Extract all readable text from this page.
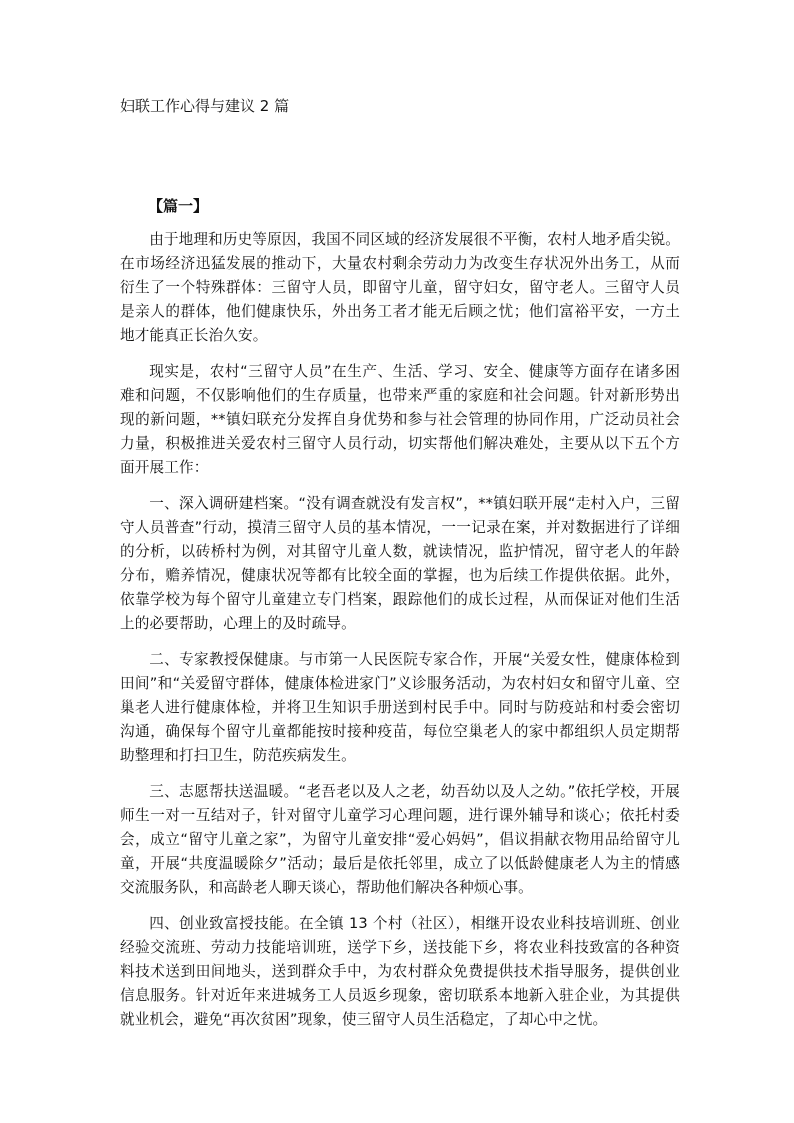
妇联工作心得与建议 2 篇
【篇一】

由于地理和历史等原因，我国不同区域的经济发展很不平衡，农村人地矛盾尖锐。在市场经济迅猛发展的推动下，大量农村剩余劳动力为改变生存状况外出务工，从而衍生了一个特殊群体：三留守人员，即留守儿童，留守妇女，留守老人。三留守人员是亲人的群体，他们健康快乐，外出务工者才能无后顾之忧；他们富裕平安，一方土地才能真正长治久安。

现实是，农村“三留守人员”在生产、生活、学习、安全、健康等方面存在诸多困难和问题，不仅影响他们的生存质量，也带来严重的家庭和社会问题。针对新形势出现的新问题，**镇妇联充分发挥自身优势和参与社会管理的协同作用，广泛动员社会力量，积极推进关爱农村三留守人员行动，切实帮他们解决难处，主要从以下五个方面开展工作：

一、深入调研建档案。“没有调查就没有发言权”，**镇妇联开展“走村入户，三留守人员普查”行动，摸清三留守人员的基本情况，一一记录在案，并对数据进行了详细的分析，以砖桥村为例，对其留守儿童人数，就读情况，监护情况，留守老人的年龄分布，赡养情况，健康状况等都有比较全面的掌握，也为后续工作提供依据。此外，依靠学校为每个留守儿童建立专门档案，跟踪他们的成长过程，从而保证对他们生活上的必要帮助，心理上的及时疏导。

二、专家教授保健康。与市第一人民医院专家合作，开展“关爱女性，健康体检到田间”和“关爱留守群体，健康体检进家门”义诊服务活动，为农村妇女和留守儿童、空巢老人进行健康体检，并将卫生知识手册送到村民手中。同时与防疫站和村委会密切沟通，确保每个留守儿童都能按时接种疫苗，每位空巢老人的家中都组织人员定期帮助整理和打扫卫生，防范疾病发生。

三、志愿帮扶送温暖。“老吾老以及人之老，幼吾幼以及人之幼。”依托学校，开展师生一对一互结对子，针对留守儿童学习心理问题，进行课外辅导和谈心；依托村委会，成立“留守儿童之家”，为留守儿童安排“爱心妈妈”，倡议捐献衣物用品给留守儿童，开展“共度温暖除夕”活动；最后是依托邻里，成立了以低龄健康老人为主的情感交流服务队，和高龄老人聊天谈心，帮助他们解决各种烦心事。

四、创业致富授技能。在全镇 13 个村（社区），相继开设农业科技培训班、创业经验交流班、劳动力技能培训班，送学下乡，送技能下乡，将农业科技致富的各种资料技术送到田间地头，送到群众手中，为农村群众免费提供技术指导服务，提供创业信息服务。针对近年来进城务工人员返乡现象，密切联系本地新入驻企业，为其提供就业机会，避免“再次贫困”现象，使三留守人员生活稳定，了却心中之忧。
